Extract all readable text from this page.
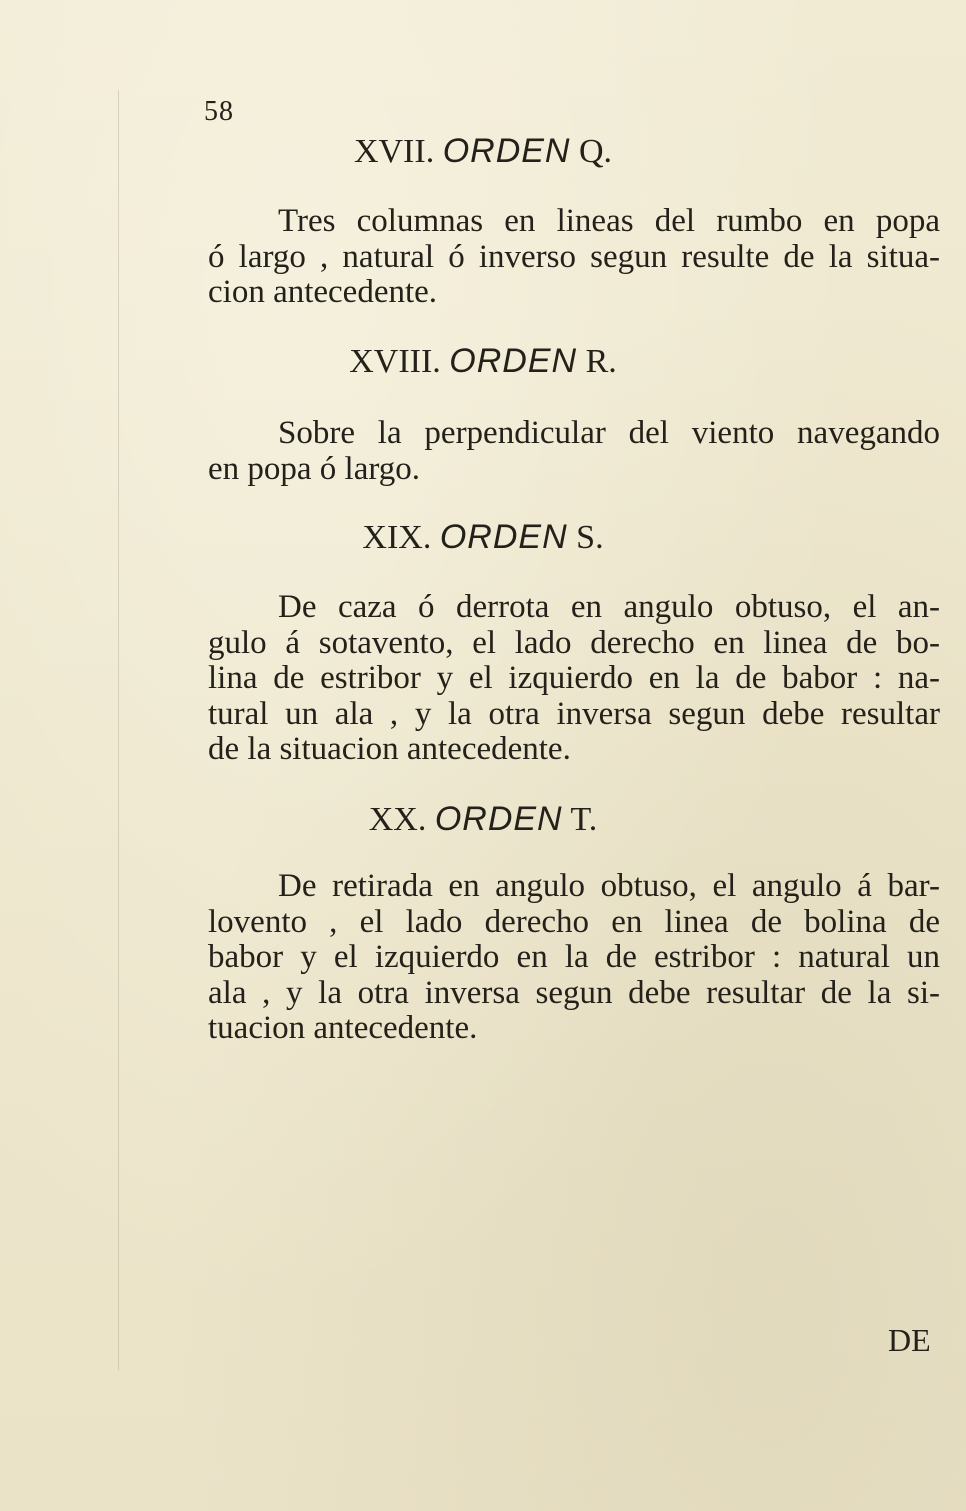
58
XVII. ORDEN Q.
Tres columnas en lineas del rumbo en popa
ó largo , natural ó inverso segun resulte de la situa-
cion antecedente.
XVIII. ORDEN R.
Sobre la perpendicular del viento navegando
en popa ó largo.
XIX. ORDEN S.
De caza ó derrota en angulo obtuso, el an-
gulo á sotavento, el lado derecho en linea de bo-
lina de estribor y el izquierdo en la de babor : na-
tural un ala , y la otra inversa segun debe resultar
de la situacion antecedente.
XX. ORDEN T.
De retirada en angulo obtuso, el angulo á bar-
lovento , el lado derecho en linea de bolina de
babor y el izquierdo en la de estribor : natural un
ala , y la otra inversa segun debe resultar de la si-
tuacion antecedente.
DE
